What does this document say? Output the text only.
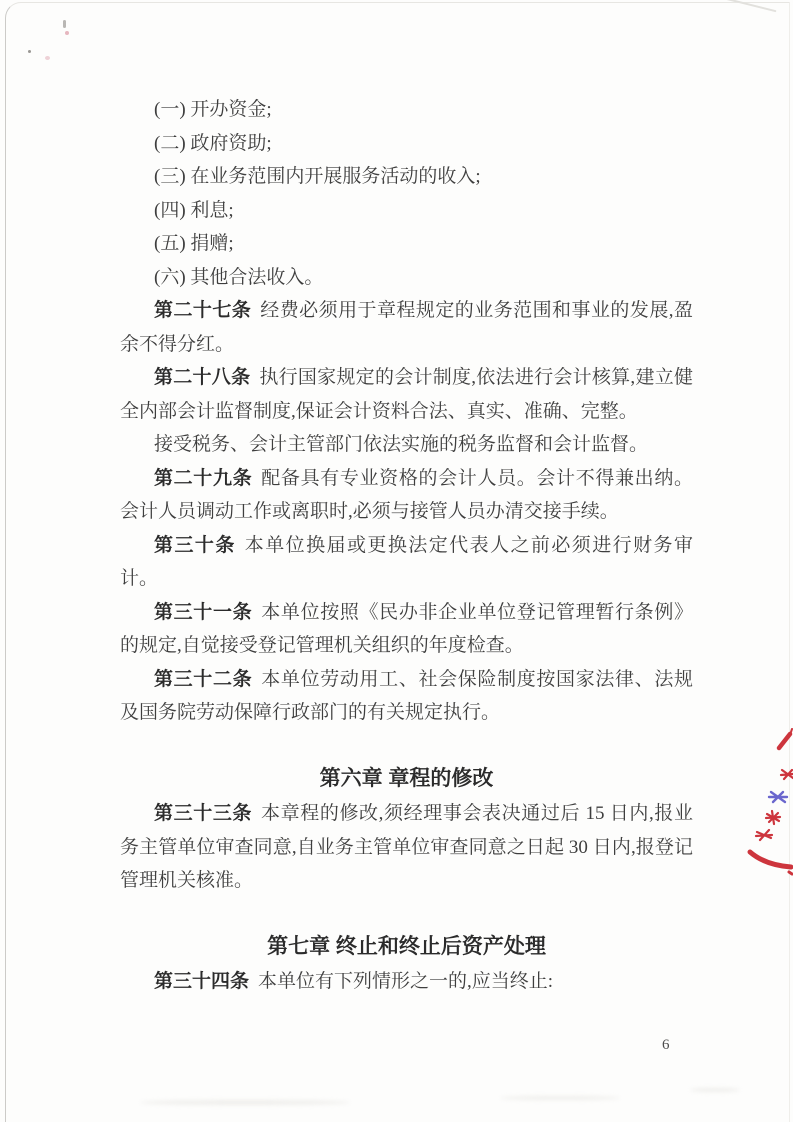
(一) 开办资金;

(二) 政府资助;

(三) 在业务范围内开展服务活动的收入;

(四) 利息;

(五) 捐赠;

(六) 其他合法收入。

第二十七条 经费必须用于章程规定的业务范围和事业的发展,盈余不得分红。

第二十八条 执行国家规定的会计制度,依法进行会计核算,建立健全内部会计监督制度,保证会计资料合法、真实、准确、完整。

接受税务、会计主管部门依法实施的税务监督和会计监督。

第二十九条 配备具有专业资格的会计人员。会计不得兼出纳。会计人员调动工作或离职时,必须与接管人员办清交接手续。

第三十条 本单位换届或更换法定代表人之前必须进行财务审计。

第三十一条 本单位按照《民办非企业单位登记管理暂行条例》的规定,自觉接受登记管理机关组织的年度检查。

第三十二条 本单位劳动用工、社会保险制度按国家法律、法规及国务院劳动保障行政部门的有关规定执行。

第六章 章程的修改

第三十三条 本章程的修改,须经理事会表决通过后 15 日内,报业务主管单位审查同意,自业务主管单位审查同意之日起 30 日内,报登记管理机关核准。

第七章 终止和终止后资产处理

第三十四条 本单位有下列情形之一的,应当终止:

6
